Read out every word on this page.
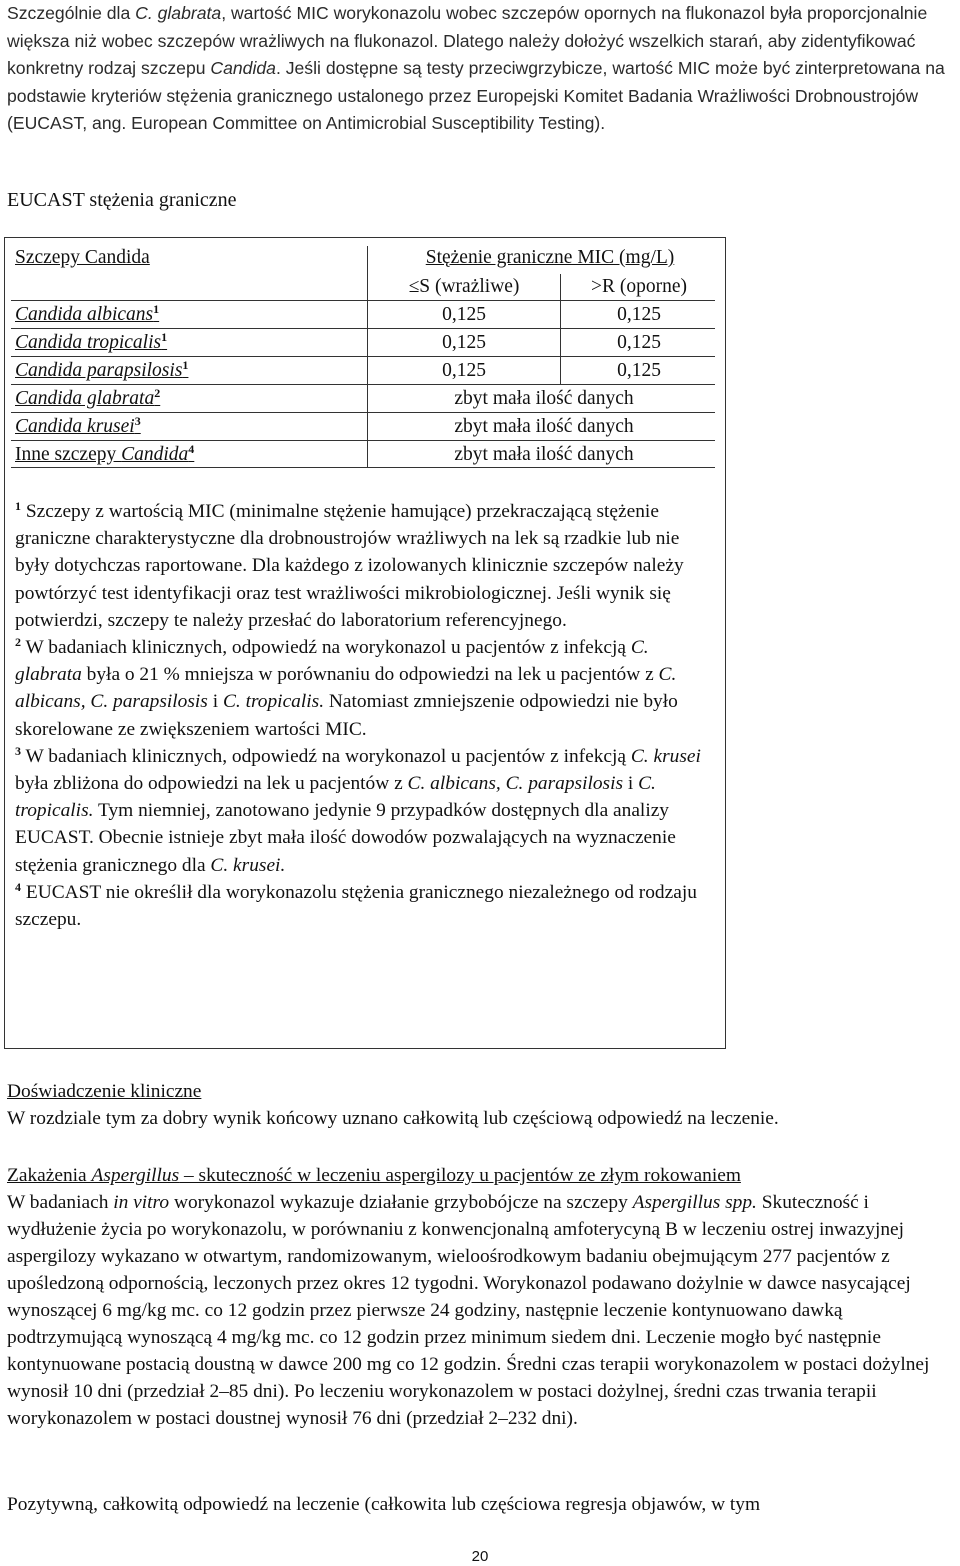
Szczególnie dla C. glabrata, wartość MIC worykonazolu wobec szczepów opornych na flukonazol była proporcjonalnie większa niż wobec szczepów wrażliwych na flukonazol. Dlatego należy dołożyć wszelkich starań, aby zidentyfikować konkretny rodzaj szczepu Candida. Jeśli dostępne są testy przeciwgrzybicze, wartość MIC może być zinterpretowana na podstawie kryteriów stężenia granicznego ustalonego przez Europejski Komitet Badania Wrażliwości Drobnoustrojów (EUCAST, ang. European Committee on Antimicrobial Susceptibility Testing).

EUCAST stężenia graniczne
Szczepy Candida	Stężenie graniczne MIC (mg/L)
≤S (wrażliwe)	>R (oporne)
Candida albicans$^1$	0,125	0,125
Candida tropicalis$^1$	0,125	0,125
Candida parapsilosis$^1$	0,125	0,125
Candida glabrata$^2$	zbyt mała ilość danych
Candida krusei$^3$	zbyt mała ilość danych
Inne szczepy Candida$^4$	zbyt mała ilość danych

$^1$ Szczepy z wartością MIC (minimalne stężenie hamujące) przekraczającą stężenie graniczne charakterystyczne dla drobnoustrojów wrażliwych na lek są rzadkie lub nie były dotychczas raportowane. Dla każdego z izolowanych klinicznie szczepów należy powtórzyć test identyfikacji oraz test wrażliwości mikrobiologicznej. Jeśli wynik się potwierdzi, szczepy te należy przesłać do laboratorium referencyjnego.

$^2$ W badaniach klinicznych, odpowiedź na worykonazol u pacjentów z infekcją C. glabrata była o 21 % mniejsza w porównaniu do odpowiedzi na lek u pacjentów z C. albicans, C. parapsilosis i C. tropicalis. Natomiast zmniejszenie odpowiedzi nie było skorelowane ze zwiększeniem wartości MIC.

$^3$ W badaniach klinicznych, odpowiedź na worykonazol u pacjentów z infekcją C. krusei była zbliżona do odpowiedzi na lek u pacjentów z C. albicans, C. parapsilosis i C. tropicalis. Tym niemniej, zanotowano jedynie 9 przypadków dostępnych dla analizy EUCAST. Obecnie istnieje zbyt mała ilość dowodów pozwalających na wyznaczenie stężenia granicznego dla C. krusei.

$^4$ EUCAST nie określił dla worykonazolu stężenia granicznego niezależnego od rodzaju szczepu.

Doświadczenie kliniczne

W rozdziale tym za dobry wynik końcowy uznano całkowitą lub częściową odpowiedź na leczenie.

Zakażenia Aspergillus – skuteczność w leczeniu aspergilozy u pacjentów ze złym rokowaniem

W badaniach in vitro worykonazol wykazuje działanie grzybobójcze na szczepy Aspergillus spp. Skuteczność i wydłużenie życia po worykonazolu, w porównaniu z konwencjonalną amfoterycyną B w leczeniu ostrej inwazyjnej aspergilozy wykazano w otwartym, randomizowanym, wieloośrodkowym badaniu obejmującym 277 pacjentów z upośledzoną odpornością, leczonych przez okres 12 tygodni. Worykonazol podawano dożylnie w dawce nasycającej wynoszącej 6 mg/kg mc. co 12 godzin przez pierwsze 24 godziny, następnie leczenie kontynuowano dawką podtrzymującą wynoszącą 4 mg/kg mc. co 12 godzin przez minimum siedem dni. Leczenie mogło być następnie kontynuowane postacią doustną w dawce 200 mg co 12 godzin. Średni czas terapii worykonazolem w postaci dożylnej wynosił 10 dni (przedział 2–85 dni). Po leczeniu worykonazolem w postaci dożylnej, średni czas trwania terapii worykonazolem w postaci doustnej wynosił 76 dni (przedział 2–232 dni).

Pozytywną, całkowitą odpowiedź na leczenie (całkowita lub częściowa regresja objawów, w tym
20
